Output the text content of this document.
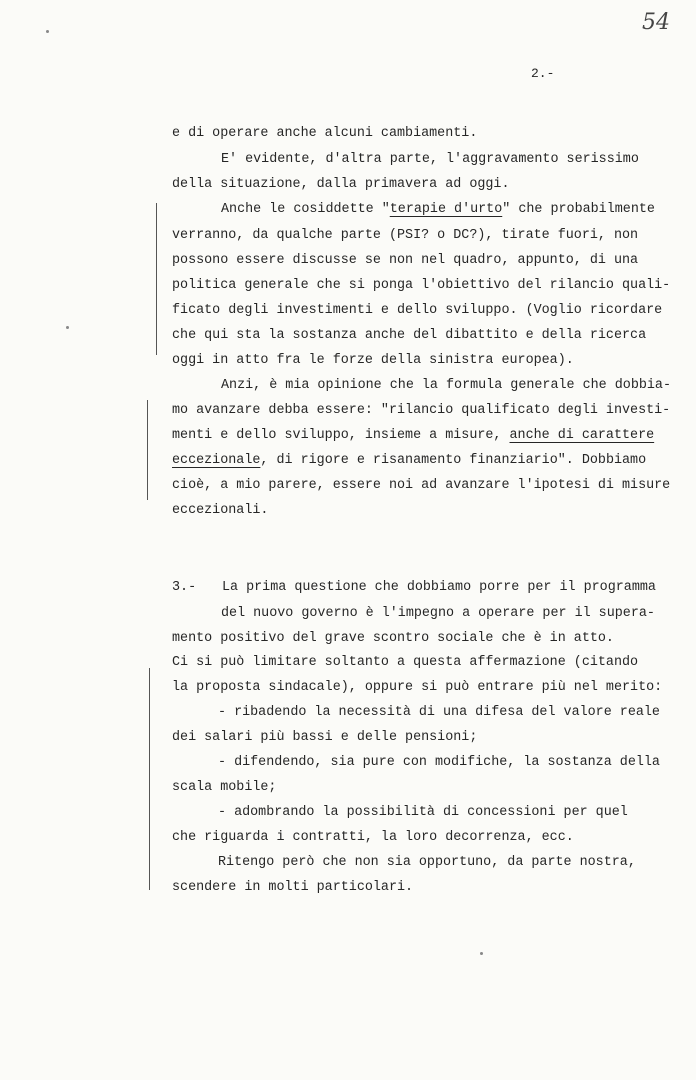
54
2.-
e di operare anche alcuni cambiamenti.
E' evidente, d'altra parte, l'aggravamento serissimo
della situazione, dalla primavera ad oggi.
Anche le cosiddette "terapie d'urto" che probabilmente
verranno, da qualche parte (PSI? o DC?), tirate fuori, non
possono essere discusse se non nel quadro, appunto, di una
politica generale che si ponga l'obiettivo del rilancio quali-
ficato degli investimenti e dello sviluppo. (Voglio ricordare
che qui sta la sostanza anche del dibattito e della ricerca
oggi in atto fra le forze della sinistra europea).
Anzi, è mia opinione che la formula generale che dobbia-
mo avanzare debba essere: "rilancio qualificato degli investi-
menti e dello sviluppo, insieme a misure, anche di carattere
eccezionale, di rigore e risanamento finanziario". Dobbiamo
cioè, a mio parere, essere noi ad avanzare l'ipotesi di misure
eccezionali.
3.- La prima questione che dobbiamo porre per il programma
del nuovo governo è l'impegno a operare per il supera-
mento positivo del grave scontro sociale che è in atto.
Ci si può limitare soltanto a questa affermazione (citando
la proposta sindacale), oppure si può entrare più nel merito:
- ribadendo la necessità di una difesa del valore reale
dei salari più bassi e delle pensioni;
- difendendo, sia pure con modifiche, la sostanza della
scala mobile;
- adombrando la possibilità di concessioni per quel
che riguarda i contratti, la loro decorrenza, ecc.
Ritengo però che non sia opportuno, da parte nostra,
scendere in molti particolari.
